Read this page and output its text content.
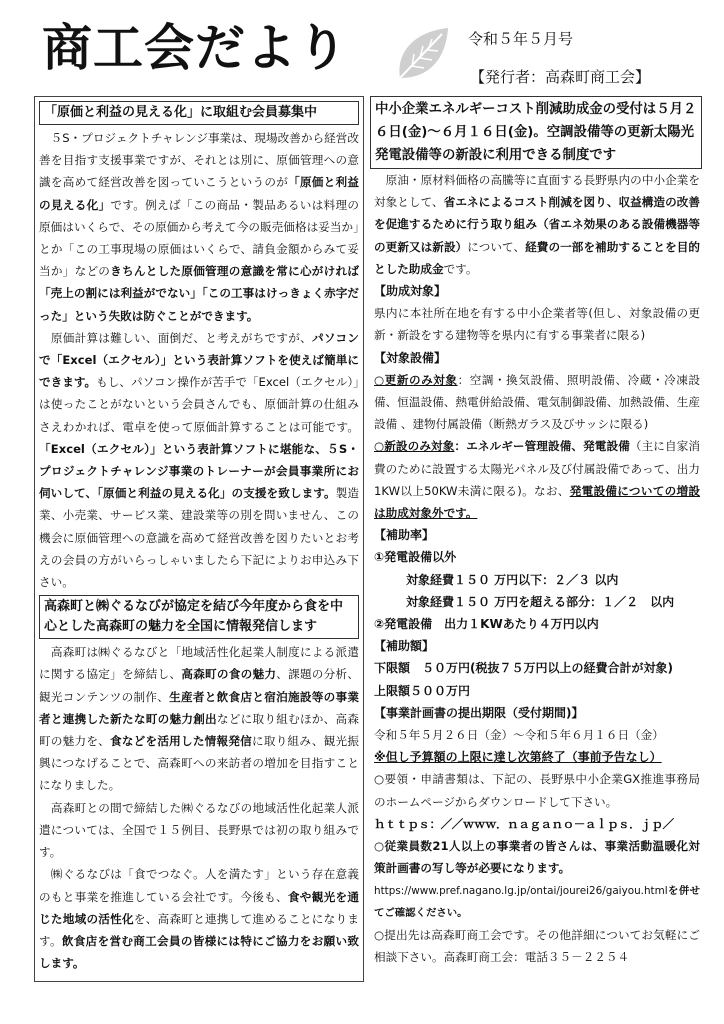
商工会だより	令和５年５月号
【発行者：高森町商工会】
「原価と利益の見える化」に取組む会員募集中

　５S・プロジェクトチャレンジ事業は、現場改善から経営改善を目指す支援事業ですが、それとは別に、原価管理への意識を高めて経営改善を図っていこうというのが「原価と利益の見える化」です。例えば「この商品・製品あるいは料理の原価はいくらで、その原価から考えて今の販売価格は妥当か」とか「この工事現場の原価はいくらで、請負金額からみて妥当か」などのきちんとした原価管理の意識を常に心がければ「売上の割には利益がでない」「この工事はけっきょく赤字だった」という失敗は防ぐことができます。

　原価計算は難しい、面倒だ、と考えがちですが、パソコンで「Excel（エクセル）」という表計算ソフトを使えば簡単にできます。もし、パソコン操作が苦手で「Excel（エクセル）」は使ったことがないという会員さんでも、原価計算の仕組みさえわかれば、電卓を使って原価計算することは可能です。「Excel（エクセル）」という表計算ソフトに堪能な、５S・プロジェクトチャレンジ事業のトレーナーが会員事業所にお伺いして、「原価と利益の見える化」の支援を致します。製造業、小売業、サービス業、建設業等の別を問いません、この機会に原価管理への意識を高めて経営改善を図りたいとお考えの会員の方がいらっしゃいましたら下記によりお申込み下さい。

高森町と㈱ぐるなびが協定を結び今年度から食を中心とした高森町の魅力を全国に情報発信します

　高森町は㈱ぐるなびと「地域活性化起業人制度による派遣に関する協定」を締結し、高森町の食の魅力、課題の分析、観光コンテンツの制作、生産者と飲食店と宿泊施設等の事業者と連携した新たな町の魅力創出などに取り組むほか、高森町の魅力を、食などを活用した情報発信に取り組み、観光振興につなげることで、高森町への来訪者の増加を目指すことになりました。

　高森町との間で締結した㈱ぐるなびの地域活性化起業人派遣については、全国で１５例目、長野県では初の取り組みです。

　㈱ぐるなびは「食でつなぐ。人を満たす」という存在意義のもと事業を推進している会社です。今後も、食や観光を通じた地域の活性化を、高森町と連携して進めることになります。飲食店を営む商工会員の皆様には特にご協力をお願い致します。

中小企業エネルギーコスト削減助成金の受付は５月２６日(金)～６月１６日(金)。空調設備等の更新太陽光発電設備等の新設に利用できる制度です

　原油・原材料価格の高騰等に直面する長野県内の中小企業を対象として、省エネによるコスト削減を図り、収益構造の改善を促進するために行う取り組み（省エネ効果のある設備機器等の更新又は新設）について、経費の一部を補助することを目的とした助成金です。

【助成対象】

県内に本社所在地を有する中小企業者等(但し、対象設備の更新・新設をする建物等を県内に有する事業者に限る)

【対象設備】

○更新のみ対象：空調・換気設備、照明設備、冷蔵・冷凍設備、恒温設備、熱電併給設備、電気制御設備、加熱設備、生産設備 、建物付属設備（断熱ガラス及びサッシに限る)

○新設のみ対象：エネルギー管理設備、発電設備（主に自家消費のために設置する太陽光パネル及び付属設備であって、出力1KW以上50KW未満に限る)。なお、発電設備についての増設は助成対象外です。

【補助率】

①発電設備以外

対象経費１５０ 万円以下：２／３ 以内

対象経費１５０ 万円を超える部分：１／２　以内

②発電設備　出力１KWあたり４万円以内

【補助額】

下限額　５０万円(税抜７５万円以上の経費合計が対象)

上限額５００万円

【事業計画書の提出期限（受付期間)】

令和５年５月２６日（金）～令和５年６月１６日（金）

※但し予算額の上限に達し次第終了（事前予告なし）

○要領・申請書類は、下記の、長野県中小企業GX推進事務局のホームページからダウンロードして下さい。

ｈｔｔｐｓ：／／ｗｗｗ．ｎａｇａｎｏ－ａｌｐｓ．ｊｐ／

○従業員数21人以上の事業者の皆さんは、事業活動温暖化対策計画書の写し等が必要になります。

https://www.pref.nagano.lg.jp/ontai/jourei26/gaiyou.htmlを併せてご確認ください。

○提出先は高森町商工会です。その他詳細についてお気軽にご相談下さい。高森町商工会：電話３５－２２５４
